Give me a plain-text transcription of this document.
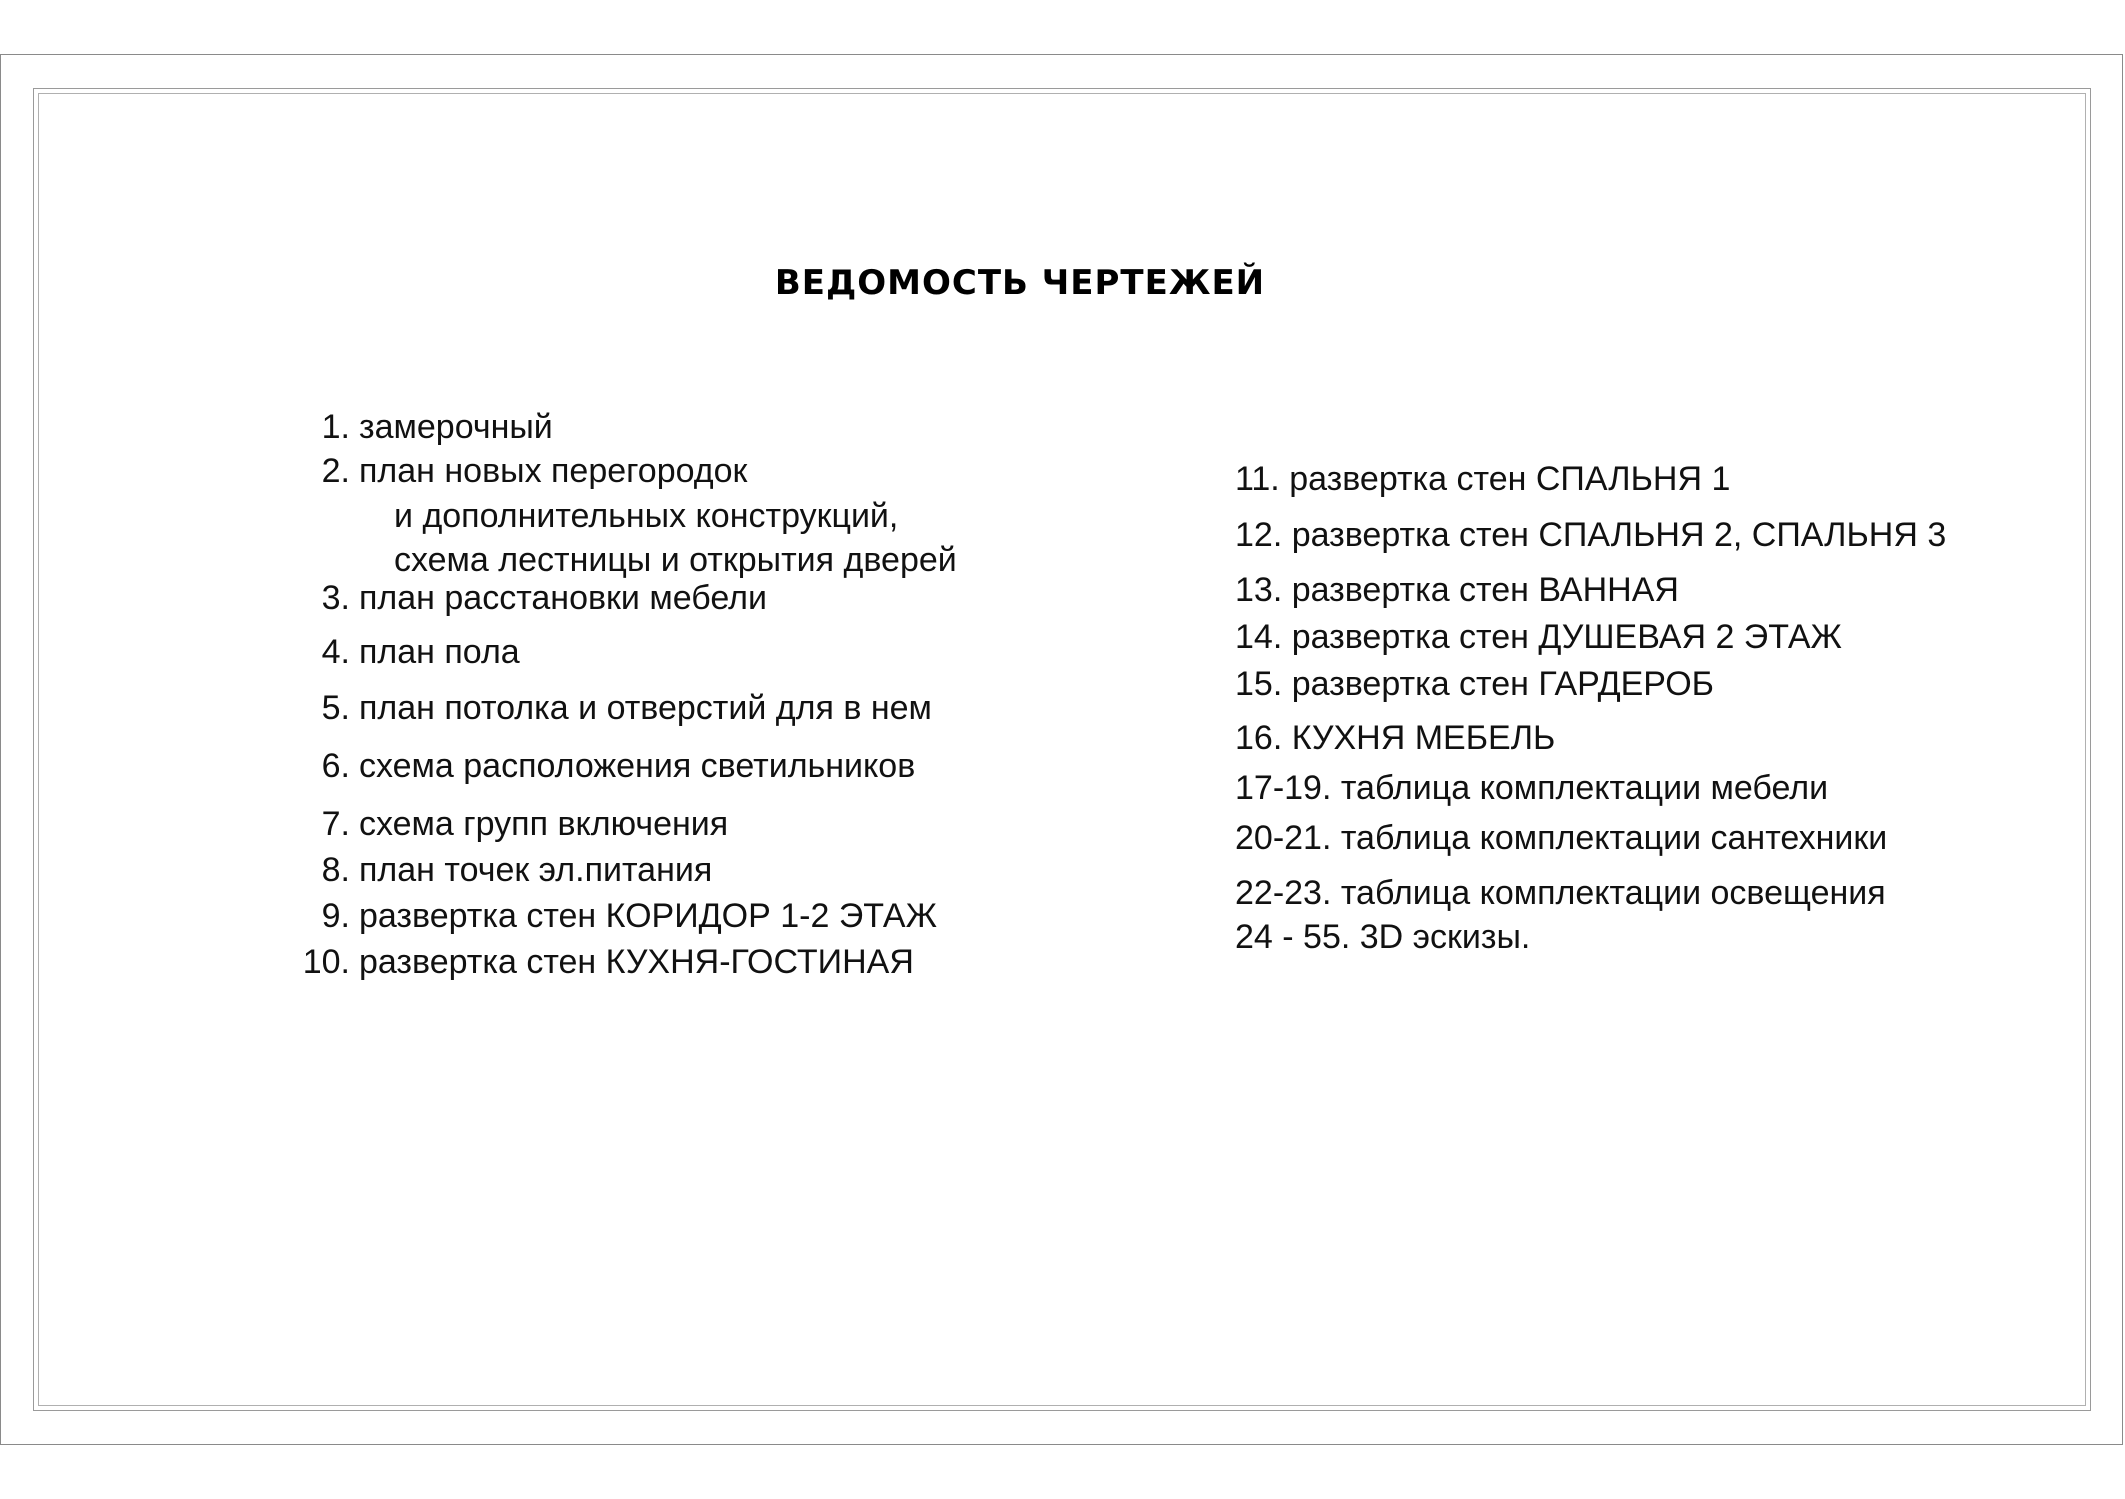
ВЕДОМОСТЬ ЧЕРТЕЖЕЙ
1. замерочный
2. план новых перегородок
и дополнительных конструкций,
схема лестницы и открытия дверей
3. план расстановки мебели
4. план пола
5. план потолка и отверстий для в нем
6. схема расположения светильников
7. схема групп включения
8. план точек эл.питания
9. развертка стен КОРИДОР 1-2 ЭТАЖ
10. развертка стен КУХНЯ-ГОСТИНАЯ
11. развертка стен СПАЛЬНЯ 1
12. развертка стен СПАЛЬНЯ 2, СПАЛЬНЯ 3
13. развертка стен ВАННАЯ
14. развертка стен ДУШЕВАЯ 2 ЭТАЖ
15. развертка стен ГАРДЕРОБ
16. КУХНЯ МЕБЕЛЬ
17-19. таблица комплектации мебели
20-21. таблица комплектации сантехники
22-23. таблица комплектации освещения
24 - 55. 3D эскизы.
